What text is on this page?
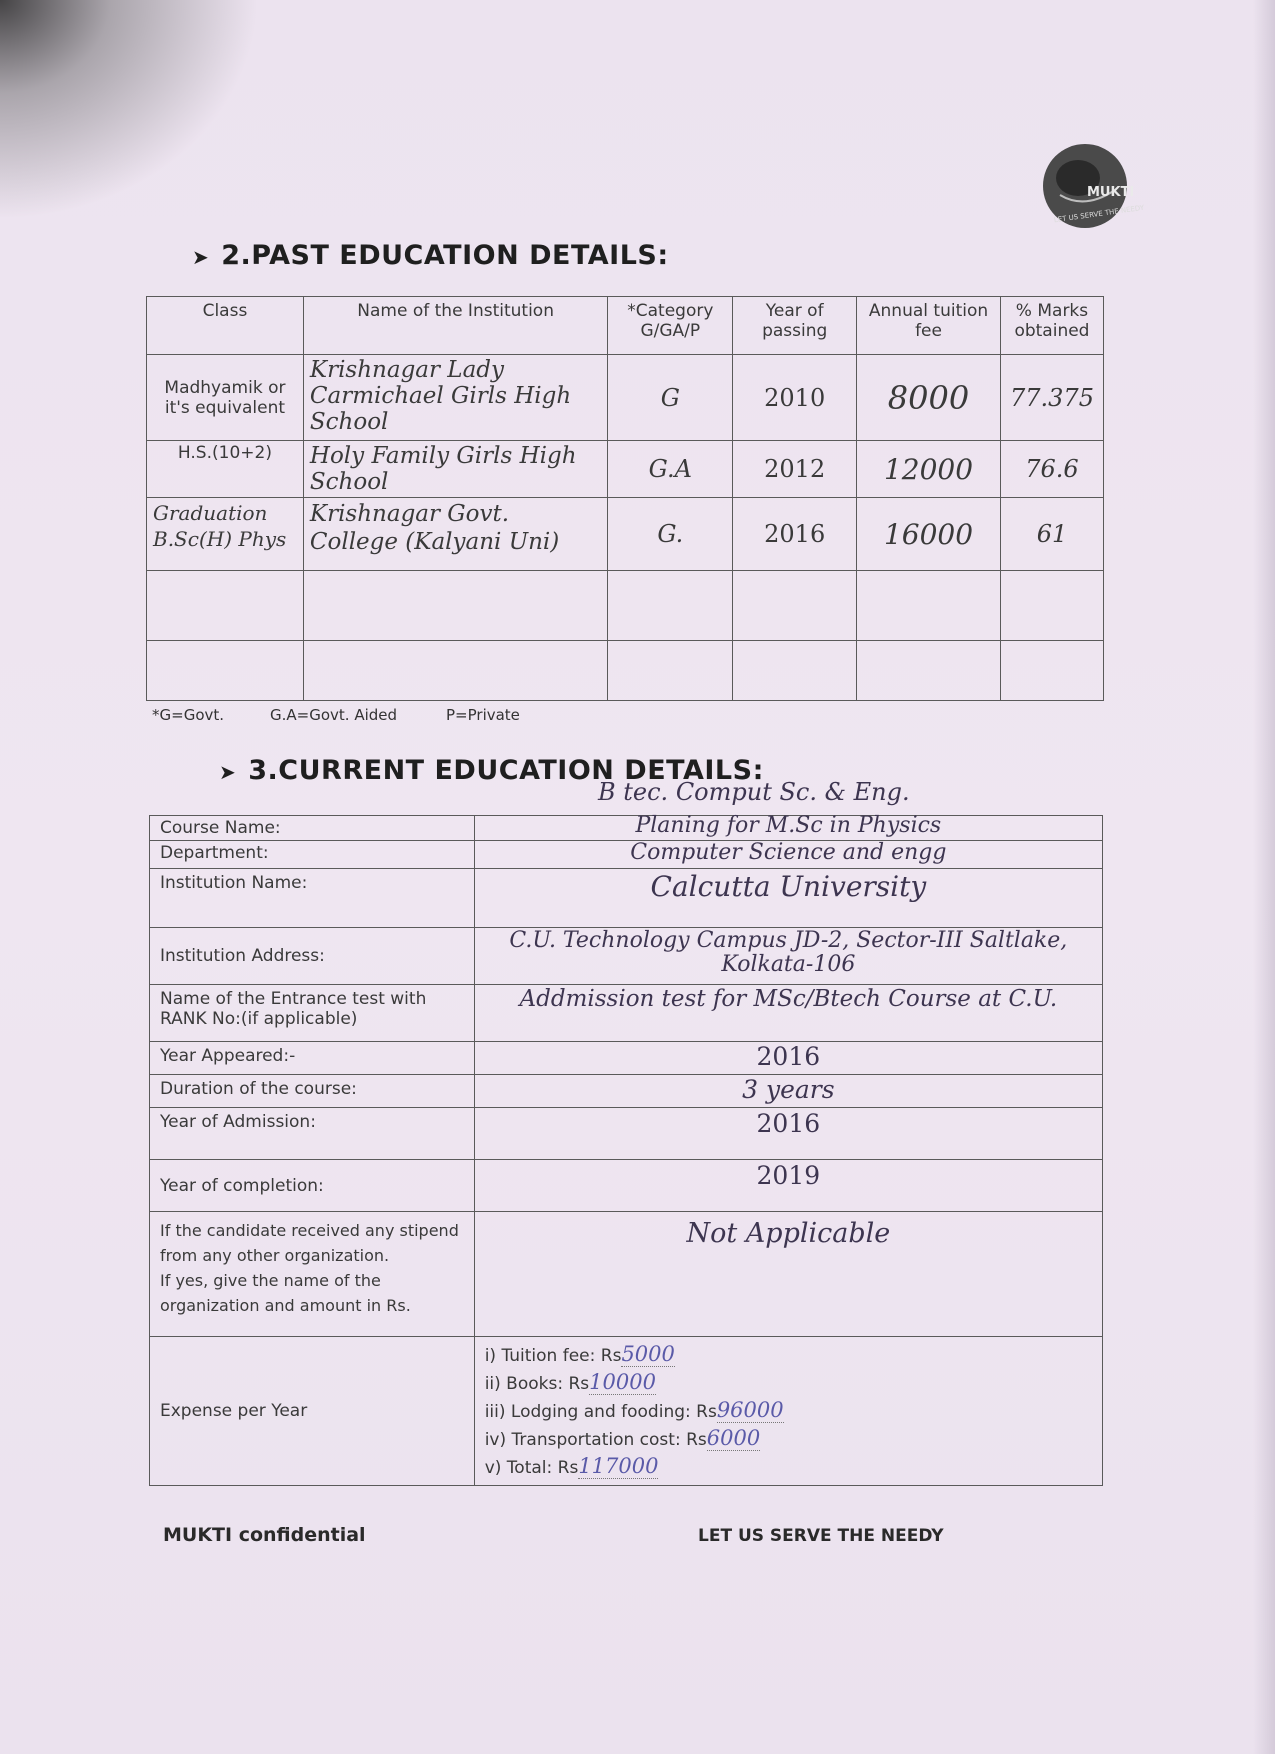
MUKTI
LET US SERVE THE NEEDY
➤ 2.PAST EDUCATION DETAILS:
Class	Name of the Institution	*Category G/GA/P	Year of passing	Annual tuition fee	% Marks obtained
Madhyamik or it's equivalent	Krishnagar Lady Carmichael Girls High School	G	2010	8000	77.375
H.S.(10+2)	Holy Family Girls High School	G.A	2012	12000	76.6
Graduation B.Sc(H) Phys	Krishnagar Govt. College (Kalyani Uni)	G.	2016	16000	61

*G=Govt.	G.A=Govt. Aided	P=Private
➤ 3.CURRENT EDUCATION DETAILS:
B tec. Comput Sc. & Eng.
Course Name:	Planing for M.Sc in Physics
Department:	Computer Science and engg
Institution Name:	Calcutta University
Institution Address:	C.U. Technology Campus JD-2, Sector-III Saltlake, Kolkata-106
Name of the Entrance test with RANK No:(if applicable)	Addmission test for MSc/Btech Course at C.U.
Year Appeared:-	2016
Duration of the course:	3 years
Year of Admission:	2016
Year of completion:	2019

If the candidate received any stipend from any other organization.
If yes, give the name of the organization and amount in Rs.	Not Applicable
Expense per Year	i) Tuition fee: Rs5000
ii) Books: Rs10000
iii) Lodging and fooding: Rs96000
iv) Transportation cost: Rs6000
v) Total: Rs117000
MUKTI confidential	LET US SERVE THE NEEDY
